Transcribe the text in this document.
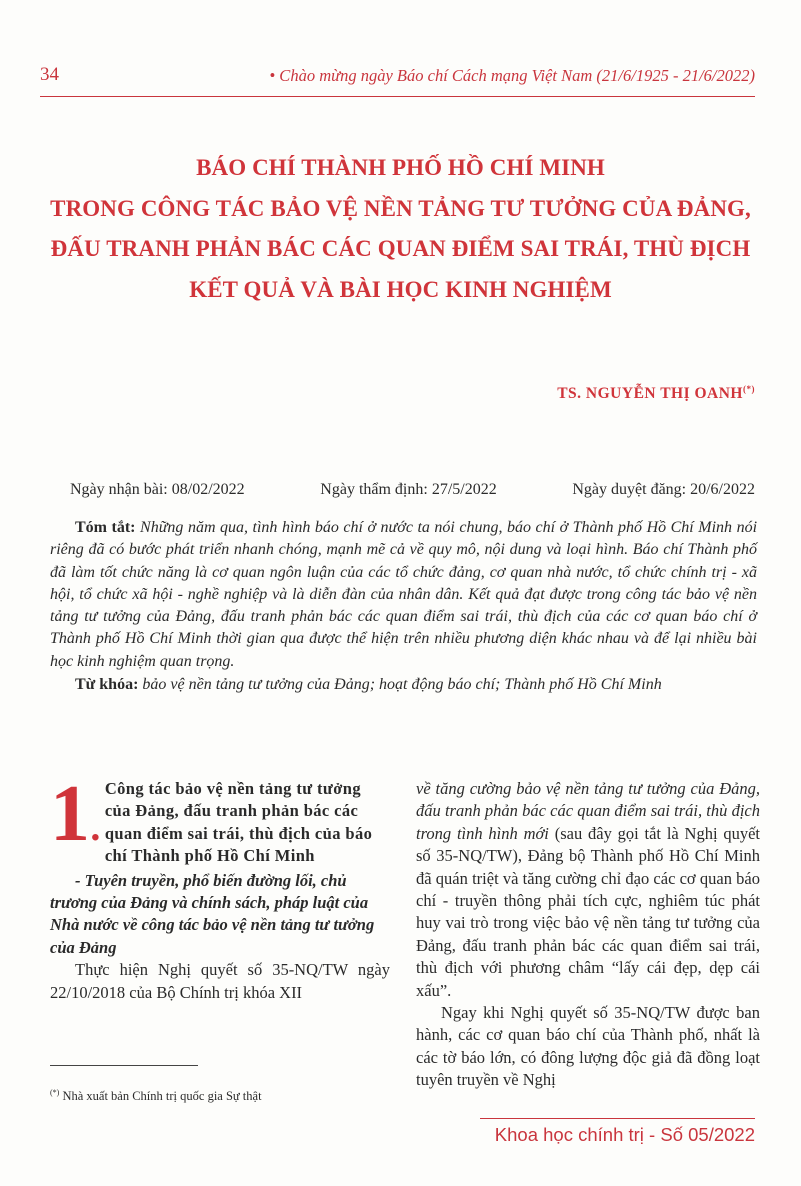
34	• Chào mừng ngày Báo chí Cách mạng Việt Nam (21/6/1925 - 21/6/2022)
BÁO CHÍ THÀNH PHỐ HỒ CHÍ MINH
TRONG CÔNG TÁC BẢO VỆ NỀN TẢNG TƯ TƯỞNG CỦA ĐẢNG,
ĐẤU TRANH PHẢN BÁC CÁC QUAN ĐIỂM SAI TRÁI, THÙ ĐỊCH
KẾT QUẢ VÀ BÀI HỌC KINH NGHIỆM
TS. NGUYỄN THỊ OANH(*)
Ngày nhận bài: 08/02/2022	Ngày thẩm định: 27/5/2022	Ngày duyệt đăng: 20/6/2022

Tóm tắt: Những năm qua, tình hình báo chí ở nước ta nói chung, báo chí ở Thành phố Hồ Chí Minh nói riêng đã có bước phát triển nhanh chóng, mạnh mẽ cả về quy mô, nội dung và loại hình. Báo chí Thành phố đã làm tốt chức năng là cơ quan ngôn luận của các tổ chức đảng, cơ quan nhà nước, tổ chức chính trị - xã hội, tổ chức xã hội - nghề nghiệp và là diễn đàn của nhân dân. Kết quả đạt được trong công tác bảo vệ nền tảng tư tưởng của Đảng, đấu tranh phản bác các quan điểm sai trái, thù địch của các cơ quan báo chí ở Thành phố Hồ Chí Minh thời gian qua được thể hiện trên nhiều phương diện khác nhau và để lại nhiều bài học kinh nghiệm quan trọng.

Từ khóa: bảo vệ nền tảng tư tưởng của Đảng; hoạt động báo chí; Thành phố Hồ Chí Minh

1.
Công tác bảo vệ nền tảng tư tưởng của Đảng, đấu tranh phản bác các quan điểm sai trái, thù địch của báo chí Thành phố Hồ Chí Minh
- Tuyên truyền, phổ biến đường lối, chủ trương của Đảng và chính sách, pháp luật của Nhà nước về công tác bảo vệ nền tảng tư tưởng của Đảng

Thực hiện Nghị quyết số 35-NQ/TW ngày 22/10/2018 của Bộ Chính trị khóa XII

về tăng cường bảo vệ nền tảng tư tưởng của Đảng, đấu tranh phản bác các quan điểm sai trái, thù địch trong tình hình mới (sau đây gọi tắt là Nghị quyết số 35-NQ/TW), Đảng bộ Thành phố Hồ Chí Minh đã quán triệt và tăng cường chỉ đạo các cơ quan báo chí - truyền thông phải tích cực, nghiêm túc phát huy vai trò trong việc bảo vệ nền tảng tư tưởng của Đảng, đấu tranh phản bác các quan điểm sai trái, thù địch với phương châm “lấy cái đẹp, dẹp cái xấu”.

Ngay khi Nghị quyết số 35-NQ/TW được ban hành, các cơ quan báo chí của Thành phố, nhất là các tờ báo lớn, có đông lượng độc giả đã đồng loạt tuyên truyền về Nghị

(*) Nhà xuất bản Chính trị quốc gia Sự thật
Khoa học chính trị - Số 05/2022
